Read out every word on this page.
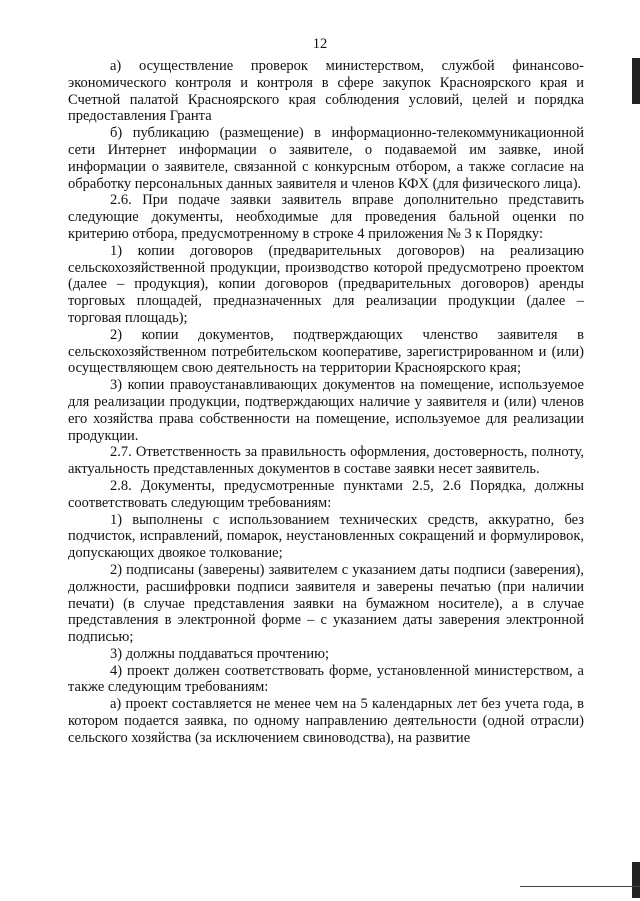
12

а) осуществление проверок министерством, службой финансово-экономического контроля и контроля в сфере закупок Красноярского края и Счетной палатой Красноярского края соблюдения условий, целей и порядка предоставления Гранта

б) публикацию (размещение) в информационно-телекоммуникационной сети Интернет информации о заявителе, о подаваемой им заявке, иной информации о заявителе, связанной с конкурсным отбором, а также согласие на обработку персональных данных заявителя и членов КФХ (для физического лица).

2.6. При подаче заявки заявитель вправе дополнительно представить следующие документы, необходимые для проведения бальной оценки по критерию отбора, предусмотренному в строке 4 приложения № 3 к Порядку:

1) копии договоров (предварительных договоров) на реализацию сельскохозяйственной продукции, производство которой предусмотрено проектом (далее – продукция), копии договоров (предварительных договоров) аренды торговых площадей, предназначенных для реализации продукции (далее – торговая площадь);

2) копии документов, подтверждающих членство заявителя в сельскохозяйственном потребительском кооперативе, зарегистрированном и (или) осуществляющем свою деятельность на территории Красноярского края;

3) копии правоустанавливающих документов на помещение, используемое для реализации продукции, подтверждающих наличие у заявителя и (или) членов его хозяйства права собственности на помещение, используемое для реализации продукции.

2.7. Ответственность за правильность оформления, достоверность, полноту, актуальность представленных документов в составе заявки несет заявитель.

2.8. Документы, предусмотренные пунктами 2.5, 2.6 Порядка, должны соответствовать следующим требованиям:

1) выполнены с использованием технических средств, аккуратно, без подчисток, исправлений, помарок, неустановленных сокращений и формулировок, допускающих двоякое толкование;

2) подписаны (заверены) заявителем с указанием даты подписи (заверения), должности, расшифровки подписи заявителя и заверены печатью (при наличии печати) (в случае представления заявки на бумажном носителе), а в случае представления в электронной форме – с указанием даты заверения электронной подписью;

3) должны поддаваться прочтению;

4) проект должен соответствовать форме, установленной министерством, а также следующим требованиям:

а) проект составляется не менее чем на 5 календарных лет без учета года, в котором подается заявка, по одному направлению деятельности (одной отрасли) сельского хозяйства (за исключением свиноводства), на развитие
